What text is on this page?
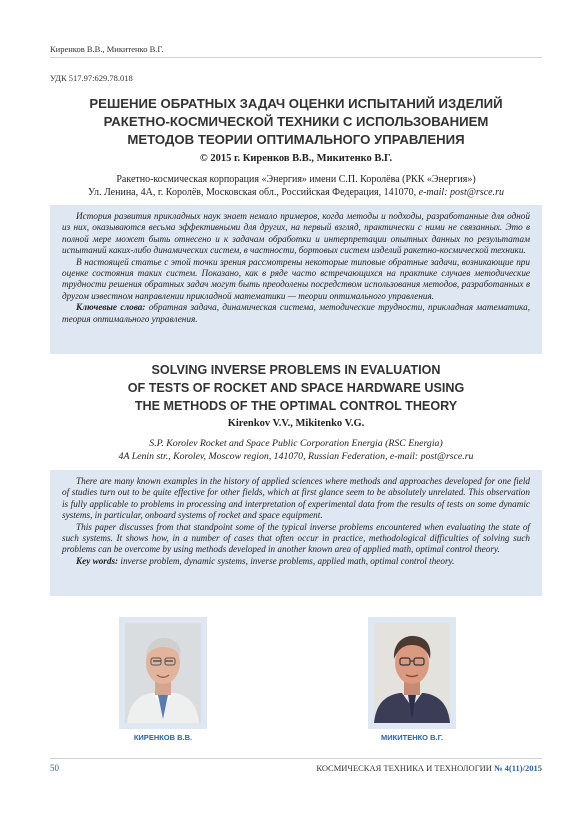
Киренков В.В., Микитенко В.Г.
УДК 517.97:629.78.018
РЕШЕНИЕ ОБРАТНЫХ ЗАДАЧ ОЦЕНКИ ИСПЫТАНИЙ ИЗДЕЛИЙ
РАКЕТНО-КОСМИЧЕСКОЙ ТЕХНИКИ С ИСПОЛЬЗОВАНИЕМ
МЕТОДОВ ТЕОРИИ ОПТИМАЛЬНОГО УПРАВЛЕНИЯ
© 2015 г. Киренков В.В., Микитенко В.Г.
Ракетно-космическая корпорация «Энергия» имени С.П. Королёва (РКК «Энергия»)
Ул. Ленина, 4А, г. Королёв, Московская обл., Российская Федерация, 141070, e-mail: post@rsce.ru

История развития прикладных наук знает немало примеров, когда методы и подходы, разработанные для одной из них, оказываются весьма эффективными для других, на первый взгляд, практически с ними не связанных. Это в полной мере может быть отнесено и к задачам обработки и интерпретации опытных данных по результатам испытаний каких-либо динамических систем, в частности, бортовых систем изделий ракетно-космической техники.

В настоящей статье с этой точки зрения рассмотрены некоторые типовые обратные задачи, возникающие при оценке состояния таких систем. Показано, как в ряде часто встречающихся на практике случаев методические трудности решения обратных задач могут быть преодолены посредством использования методов, разработанных в другом известном направлении прикладной математики — теории оптимального управления.

Ключевые слова: обратная задача, динамическая система, методические трудности, прикладная математика, теория оптимального управления.

SOLVING INVERSE PROBLEMS IN EVALUATION
OF TESTS OF ROCKET AND SPACE HARDWARE USING
THE METHODS OF THE OPTIMAL CONTROL THEORY
Kirenkov V.V., Mikitenko V.G.
S.P. Korolev Rocket and Space Public Corporation Energia (RSC Energia)
4A Lenin str., Korolev, Moscow region, 141070, Russian Federation, e-mail: post@rsce.ru

There are many known examples in the history of applied sciences where methods and approaches developed for one field of studies turn out to be quite effective for other fields, which at first glance seem to be absolutely unrelated. This observation is fully applicable to problems in processing and interpretation of experimental data from the results of tests on some dynamic systems, in particular, onboard systems of rocket and space equipment.

This paper discusses from that standpoint some of the typical inverse problems encountered when evaluating the state of such systems. It shows how, in a number of cases that often occur in practice, methodological difficulties of solving such problems can be overcome by using methods developed in another known area of applied math, optimal control theory.

Key words: inverse problem, dynamic systems, inverse problems, applied math, optimal control theory.

КИРЕНКОВ В.В.	МИКИТЕНКО В.Г.
50	КОСМИЧЕСКАЯ ТЕХНИКА И ТЕХНОЛОГИИ № 4(11)/2015
